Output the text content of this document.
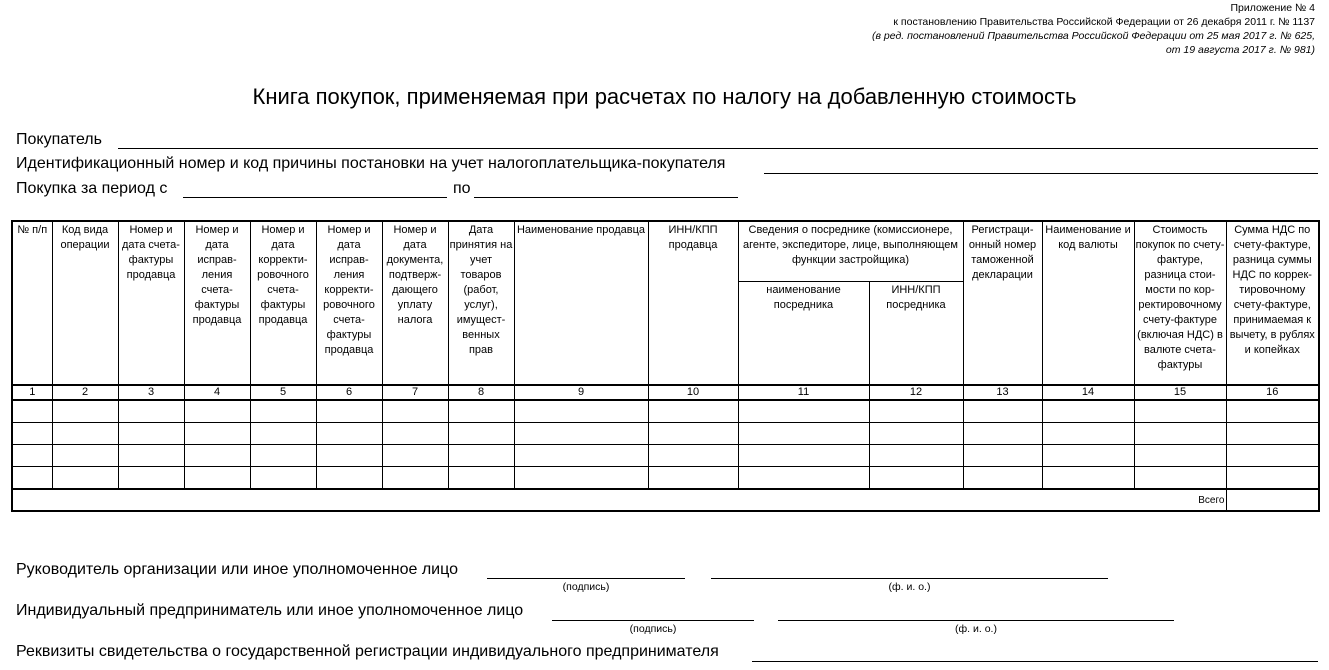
Приложение № 4
к постановлению Правительства Российской Федерации от 26 декабря 2011 г. № 1137
(в ред. постановлений Правительства Российской Федерации от 25 мая 2017 г. № 625,
от 19 августа 2017 г. № 981)
Книга покупок, применяемая при расчетах по налогу на добавленную стоимость
Покупатель
Идентификационный номер и код причины постановки на учет налогоплательщика-покупателя
Покупка за период с	по
№ п/п	Код вида операции	Номер и дата счета-фактуры продавца	Номер и дата исправ-ления счета-фактуры продавца	Номер и дата корректи-ровочного счета-фактуры продавца	Номер и дата исправ-ления корректи-ровочного счета-фактуры продавца	Номер и дата документа, подтверж-дающего уплату налога	Дата принятия на учет товаров (работ, услуг), имущест-венных прав	Наименование продавца	ИНН/КПП продавца	Сведения о посреднике (комиссионере, агенте, экспедиторе, лице, выполняющем функции застройщика)		Регистраци-онный номер таможенной декларации	Наименование и код валюты	Стоимость покупок по счету-фактуре, разница стои-мости по кор-ректировочному счету-фактуре (включая НДС) в валюте счета-фактуры	Сумма НДС по счету-фактуре, разница суммы НДС по коррек-тировочному счету-фактуре, принимаемая к вычету, в рублях и копейках
										наименование посредника	ИНН/КПП посредника				
1	2	3	4	5	6	7	8	9	10	11	12	13	14	15	16

Всего															
Руководитель организации или иное уполномоченное лицо
(подпись)	(ф. и. о.)
Индивидуальный предприниматель или иное уполномоченное лицо
(подпись)	(ф. и. о.)
Реквизиты свидетельства о государственной регистрации индивидуального предпринимателя
